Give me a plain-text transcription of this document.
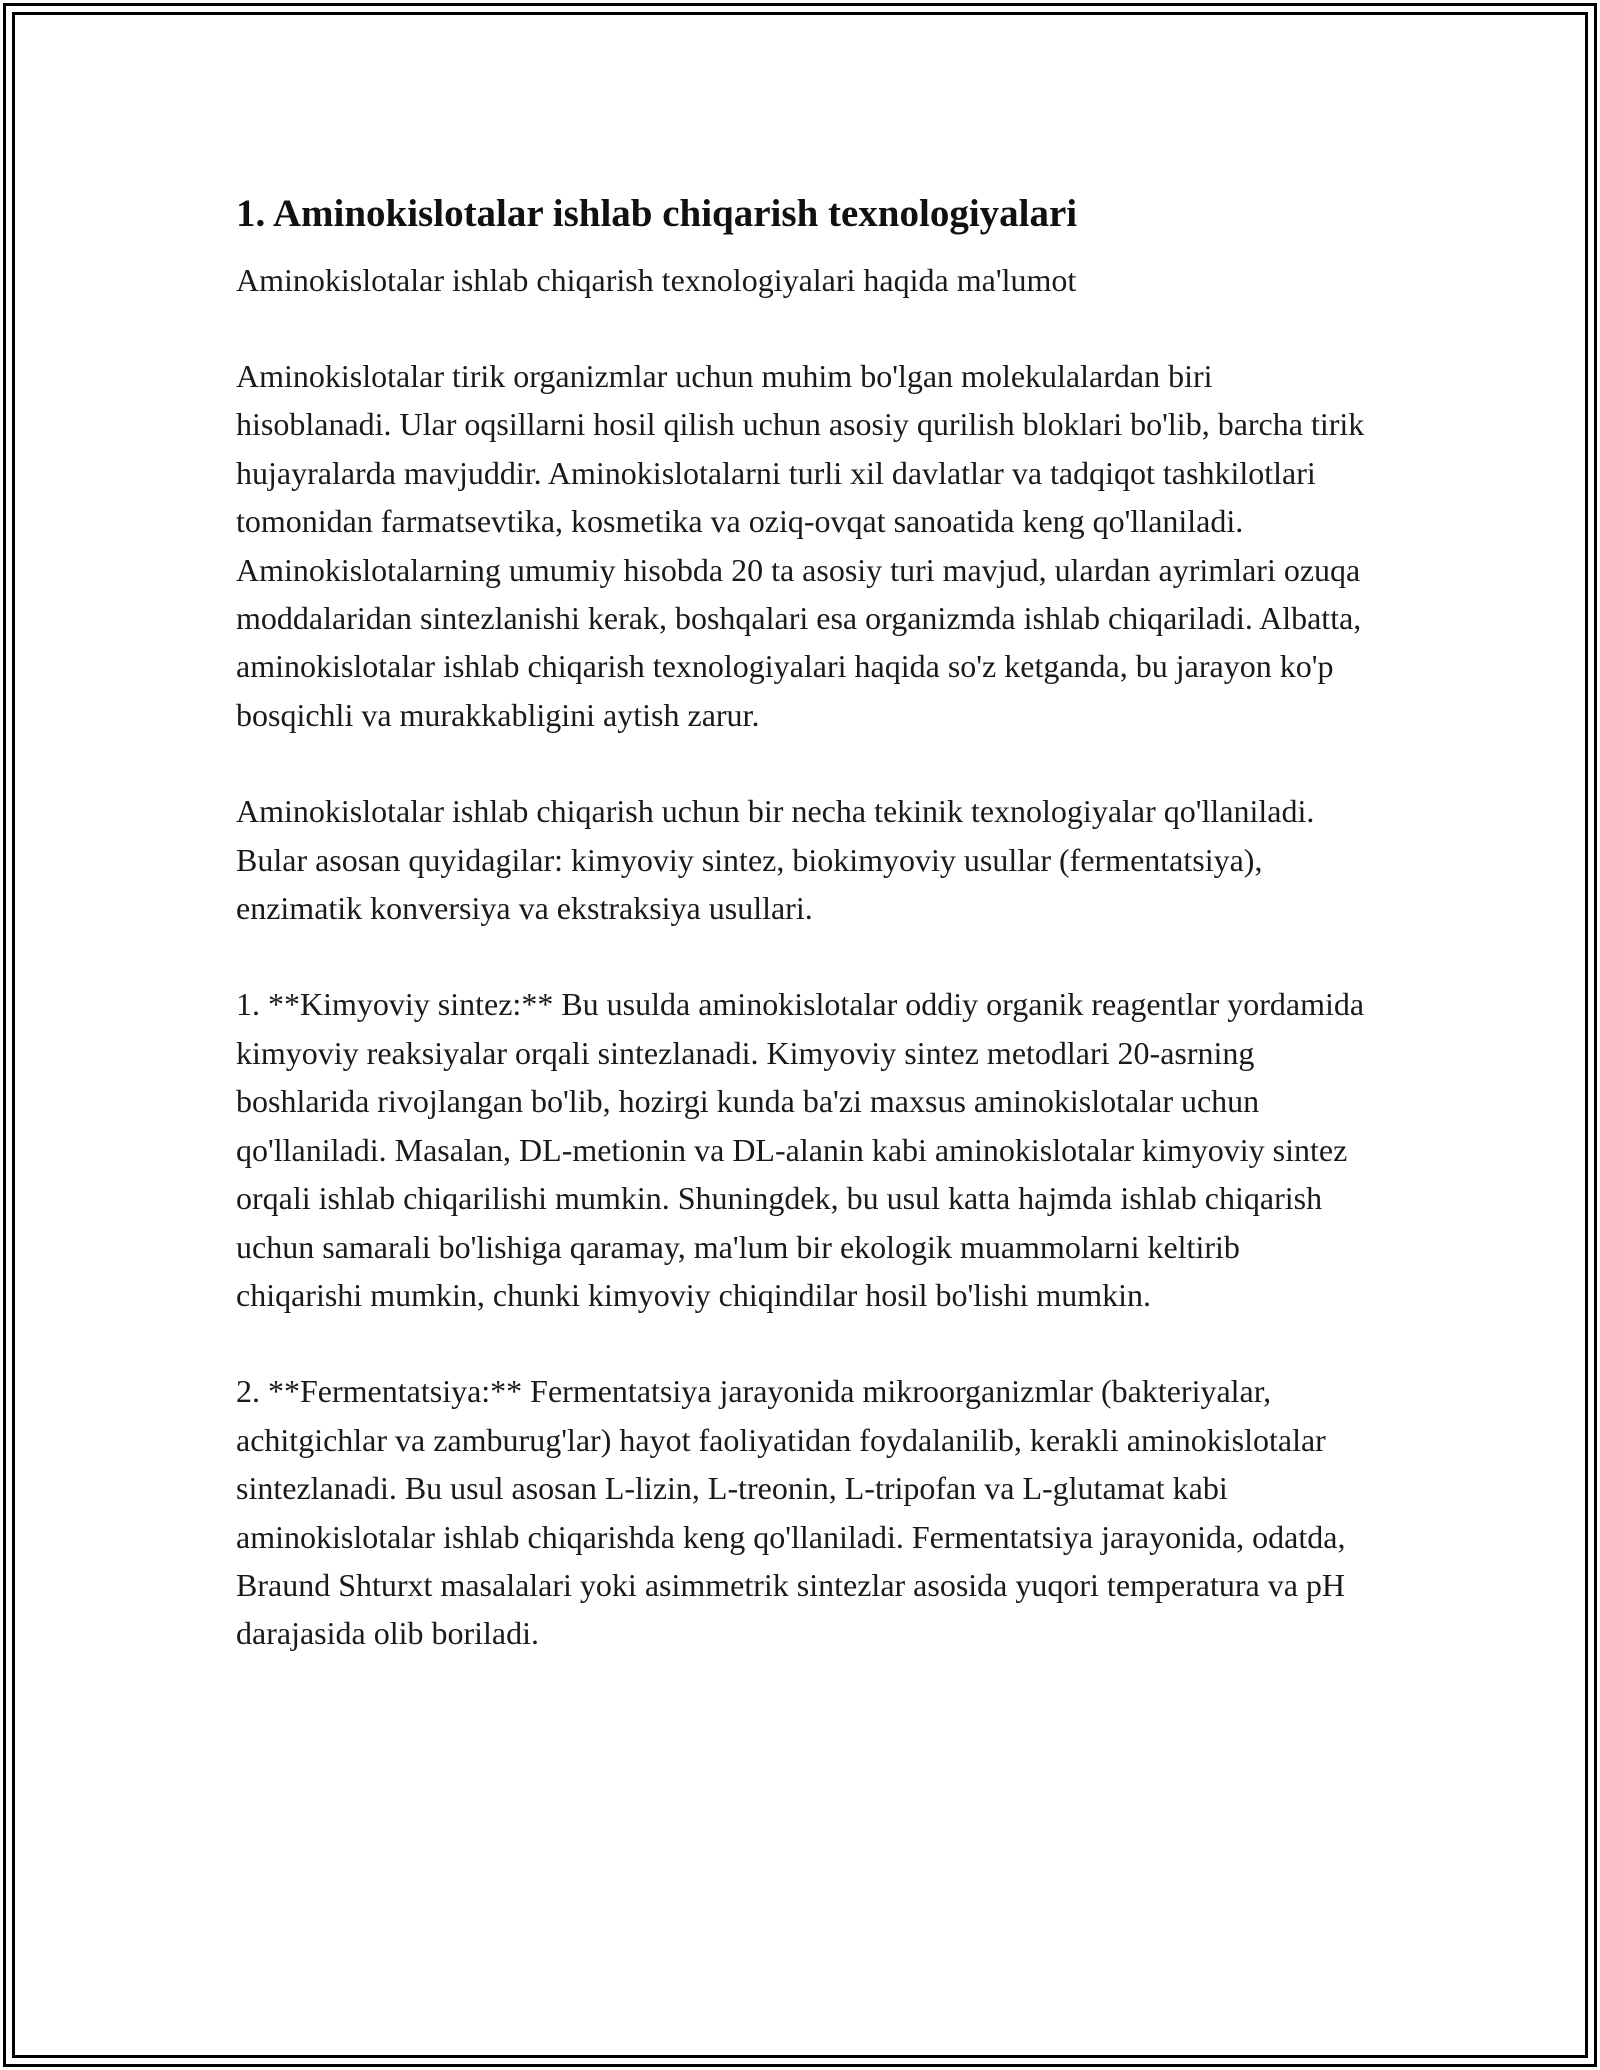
1. Aminokislotalar ishlab chiqarish texnologiyalari

Aminokislotalar ishlab chiqarish texnologiyalari haqida ma'lumot

Aminokislotalar tirik organizmlar uchun muhim bo'lgan molekulalardan biri hisoblanadi. Ular oqsillarni hosil qilish uchun asosiy qurilish bloklari bo'lib, barcha tirik hujayralarda mavjuddir. Aminokislotalarni turli xil davlatlar va tadqiqot tashkilotlari tomonidan farmatsevtika, kosmetika va oziq-ovqat sanoatida keng qo'llaniladi. Aminokislotalarning umumiy hisobda 20 ta asosiy turi mavjud, ulardan ayrimlari ozuqa moddalaridan sintezlanishi kerak, boshqalari esa organizmda ishlab chiqariladi. Albatta, aminokislotalar ishlab chiqarish texnologiyalari haqida so'z ketganda, bu jarayon ko'p bosqichli va murakkabligini aytish zarur.

Aminokislotalar ishlab chiqarish uchun bir necha tekinik texnologiyalar qo'llaniladi. Bular asosan quyidagilar: kimyoviy sintez, biokimyoviy usullar (fermentatsiya), enzimatik konversiya va ekstraksiya usullari.

1. **Kimyoviy sintez:** Bu usulda aminokislotalar oddiy organik reagentlar yordamida kimyoviy reaksiyalar orqali sintezlanadi. Kimyoviy sintez metodlari 20-asrning boshlarida rivojlangan bo'lib, hozirgi kunda ba'zi maxsus aminokislotalar uchun qo'llaniladi. Masalan, DL-metionin va DL-alanin kabi aminokislotalar kimyoviy sintez orqali ishlab chiqarilishi mumkin. Shuningdek, bu usul katta hajmda ishlab chiqarish uchun samarali bo'lishiga qaramay, ma'lum bir ekologik muammolarni keltirib chiqarishi mumkin, chunki kimyoviy chiqindilar hosil bo'lishi mumkin.

2. **Fermentatsiya:** Fermentatsiya jarayonida mikroorganizmlar (bakteriyalar, achitgichlar va zamburug'lar) hayot faoliyatidan foydalanilib, kerakli aminokislotalar sintezlanadi. Bu usul asosan L-lizin, L-treonin, L-tripofan va L-glutamat kabi aminokislotalar ishlab chiqarishda keng qo'llaniladi. Fermentatsiya jarayonida, odatda, Braund Shturxt masalalari yoki asimmetrik sintezlar asosida yuqori temperatura va pH darajasida olib boriladi.
